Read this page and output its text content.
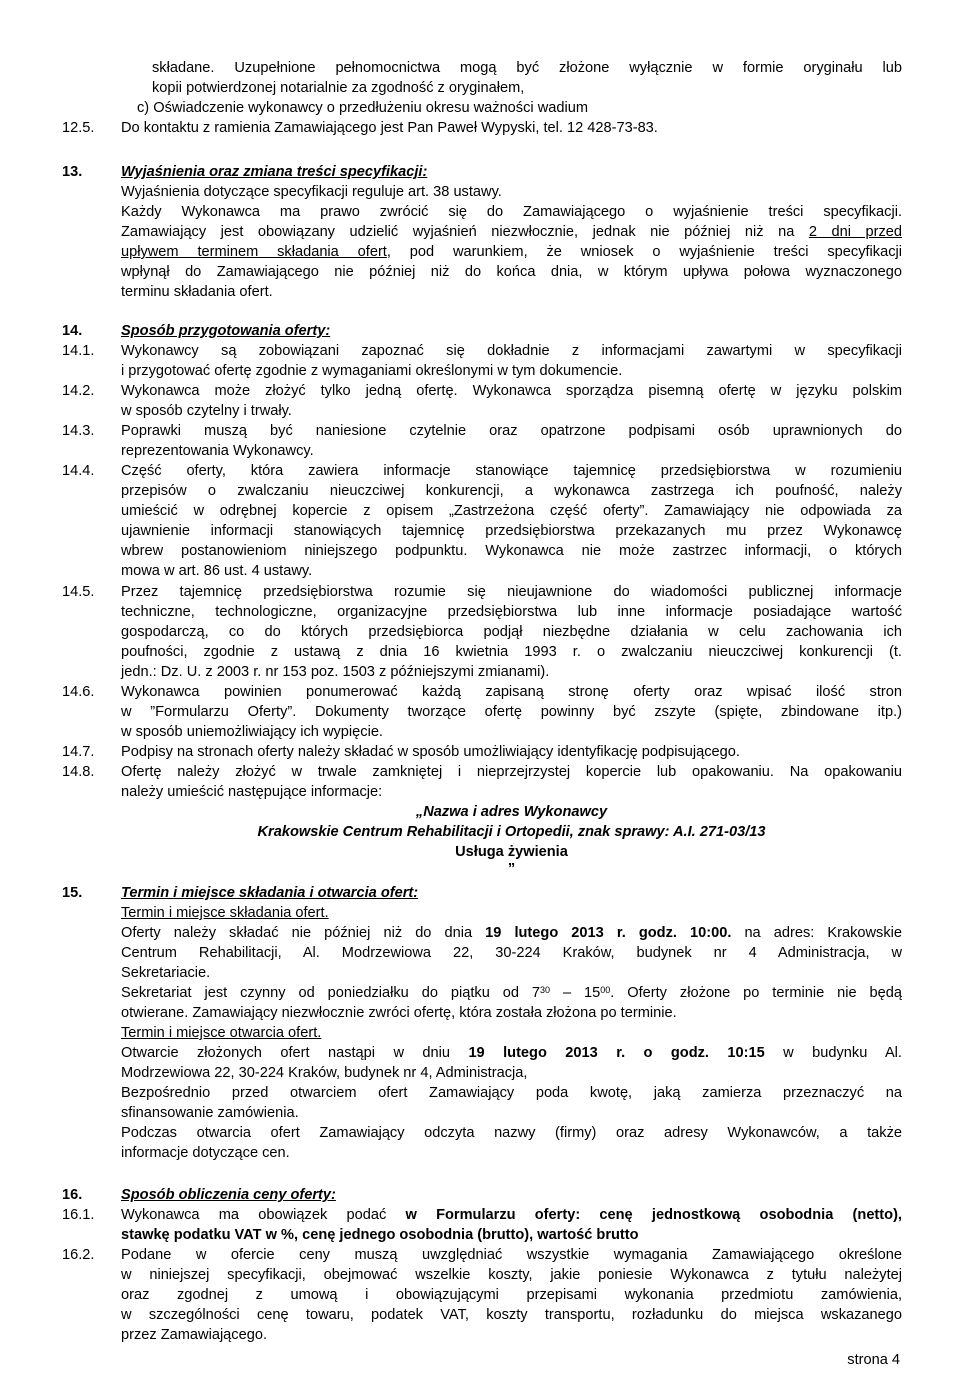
składane. Uzupełnione pełnomocnictwa mogą być złożone wyłącznie w formie oryginału lub
kopii potwierdzonej notarialnie za zgodność z oryginałem,
c) Oświadczenie wykonawcy o przedłużeniu okresu ważności wadium
12.5.	Do kontaktu z ramienia Zamawiającego jest Pan Paweł Wypyski, tel. 12 428-73-83.
13.	Wyjaśnienia oraz zmiana treści specyfikacji:
Wyjaśnienia dotyczące specyfikacji reguluje art. 38 ustawy.
Każdy Wykonawca ma prawo zwrócić się do Zamawiającego o wyjaśnienie treści specyfikacji.
Zamawiający jest obowiązany udzielić wyjaśnień niezwłocznie, jednak nie później niż na 2 dni przed
upływem terminem składania ofert, pod warunkiem, że wniosek o wyjaśnienie treści specyfikacji
wpłynął do Zamawiającego nie później niż do końca dnia, w którym upływa połowa wyznaczonego
terminu składania ofert.
14.	Sposób przygotowania oferty:
14.1.	Wykonawcy są zobowiązani zapoznać się dokładnie z informacjami zawartymi w specyfikacji
i przygotować ofertę zgodnie z wymaganiami określonymi w tym dokumencie.
14.2.	Wykonawca może złożyć tylko jedną ofertę. Wykonawca sporządza pisemną ofertę w języku polskim
w sposób czytelny i trwały.
14.3.	Poprawki muszą być naniesione czytelnie oraz opatrzone podpisami osób uprawnionych do
reprezentowania Wykonawcy.
14.4.	Część oferty, która zawiera informacje stanowiące tajemnicę przedsiębiorstwa w rozumieniu
przepisów o zwalczaniu nieuczciwej konkurencji, a wykonawca zastrzega ich poufność, należy
umieścić w odrębnej kopercie z opisem „Zastrzeżona część oferty”. Zamawiający nie odpowiada za
ujawnienie informacji stanowiących tajemnicę przedsiębiorstwa przekazanych mu przez Wykonawcę
wbrew postanowieniom niniejszego podpunktu. Wykonawca nie może zastrzec informacji, o których
mowa w art. 86 ust. 4 ustawy.
14.5.	Przez tajemnicę przedsiębiorstwa rozumie się nieujawnione do wiadomości publicznej informacje
techniczne, technologiczne, organizacyjne przedsiębiorstwa lub inne informacje posiadające wartość
gospodarczą, co do których przedsiębiorca podjął niezbędne działania w celu zachowania ich
poufności, zgodnie z ustawą z dnia 16 kwietnia 1993 r. o zwalczaniu nieuczciwej konkurencji (t.
jedn.: Dz. U. z 2003 r. nr 153 poz. 1503 z późniejszymi zmianami).
14.6.	Wykonawca powinien ponumerować każdą zapisaną stronę oferty oraz wpisać ilość stron
w ”Formularzu Oferty”. Dokumenty tworzące ofertę powinny być zszyte (spięte, zbindowane itp.)
w sposób uniemożliwiający ich wypięcie.
14.7.	Podpisy na stronach oferty należy składać w sposób umożliwiający identyfikację podpisującego.
14.8.	Ofertę należy złożyć w trwale zamkniętej i nieprzejrzystej kopercie lub opakowaniu. Na opakowaniu
należy umieścić następujące informacje:
„Nazwa i adres Wykonawcy
Krakowskie Centrum Rehabilitacji i Ortopedii, znak sprawy: A.I. 271-03/13
Usługa żywienia
”
15.	Termin i miejsce składania i otwarcia ofert:
Termin i miejsce składania ofert.
Oferty należy składać nie później niż do dnia 19 lutego 2013 r. godz. 10:00. na adres: Krakowskie
Centrum Rehabilitacji, Al. Modrzewiowa 22, 30-224 Kraków, budynek nr 4 Administracja, w
Sekretariacie.
Sekretariat jest czynny od poniedziałku do piątku od $7^{30} - 15^{00}$. Oferty złożone po terminie nie będą
otwierane. Zamawiający niezwłocznie zwróci ofertę, która została złożona po terminie.
Termin i miejsce otwarcia ofert.
Otwarcie złożonych ofert nastąpi w dniu 19 lutego 2013 r. o godz. 10:15 w budynku Al.
Modrzewiowa 22, 30-224 Kraków, budynek nr 4, Administracja,
Bezpośrednio przed otwarciem ofert Zamawiający poda kwotę, jaką zamierza przeznaczyć na
sfinansowanie zamówienia.
Podczas otwarcia ofert Zamawiający odczyta nazwy (firmy) oraz adresy Wykonawców, a także
informacje dotyczące cen.
16.	Sposób obliczenia ceny oferty:
16.1.	Wykonawca ma obowiązek podać w Formularzu oferty: cenę jednostkową osobodnia (netto),
stawkę podatku VAT w %, cenę jednego osobodnia (brutto), wartość brutto
16.2.	Podane w ofercie ceny muszą uwzględniać wszystkie wymagania Zamawiającego określone
w niniejszej specyfikacji, obejmować wszelkie koszty, jakie poniesie Wykonawca z tytułu należytej
oraz zgodnej z umową i obowiązującymi przepisami wykonania przedmiotu zamówienia,
w szczególności cenę towaru, podatek VAT, koszty transportu, rozładunku do miejsca wskazanego
przez Zamawiającego.
strona 4
